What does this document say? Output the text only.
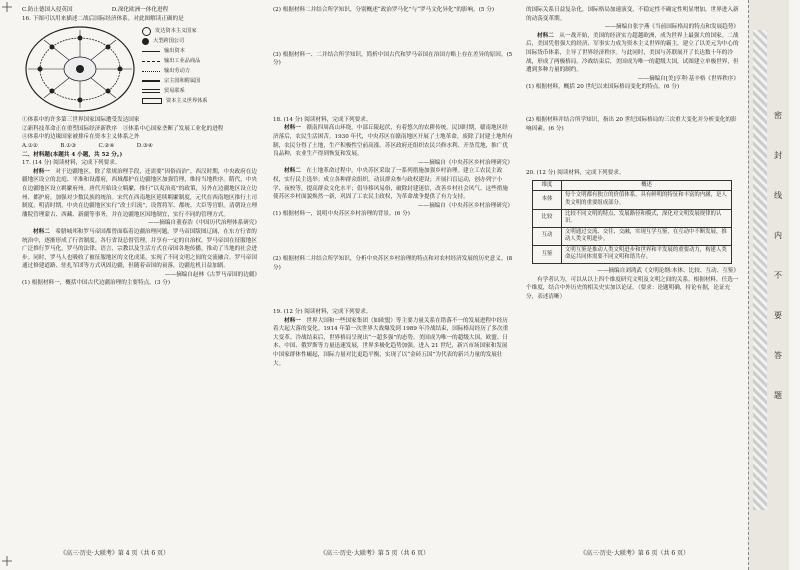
C.防止德国入侵英国　　　　　　　D.深化欧洲一体化进程

16. 下图可以用来描述二战后国际经济体系。对此图解读正确的是

发达资本主义国家
大型跨国公司
输出资本
输出工业品商品
输出劳动力
宗主国和附属国
贸易联系
资本主义世界体系

①体系中的许多第三世界国家国际遭受发达国家

②新科技革命正在重塑国际经济新秩序　③体系中心国家垄断了发展工业化的进程

④体系中的边缘国家被排斥在资本主义体系之外

A.①②　　　　B.①③　　　　C.②④　　　　D.③④

二、材料题(本题共 4 小题，共 52 分。)

17. (14 分) 阅读材料，完成下列要求。

材料一　 对于边疆地区，除了常规治理手段，还需要“因俗而治”。西汉时期，中央政府在边疆地区设立的北庭、平准和设郡府，西域都护在边疆地区加强管理，维持当地秩序。隋代，中央在边疆地区设立羁縻府州。唐代开始设立羁縻，推行“以夷治夷”的政策，另外在边疆地区设立边州、都护府，加强对少数民族的统治。宋代在西南地区延续羁縻制度，元代在西南地区推行土司制度。明清时期，中央在边疆地区实行“改土归流”，设置将军、都统、大臣等官职。清朝设立理藩院管理蒙古、西藏、新疆等事务，并在边疆地区因地制宜，实行不同的管理方式。

——摘编自董春浩《中国历代治理体系研究》

材料二　 希腊城邦和罗马帝国都曾面临着边疆治理问题。罗马帝国版图辽阔，在东方行省的统治中，逐渐形成了行省制度。各行省设总督管理，并享有一定的自治权。罗马帝国在征服地区广泛推行罗马化，罗马的法律、语言、宗教以及生活方式在帝国各地传播，推动了当地的社会进步。同时，罗马人也吸收了被征服地区的文化成果，实现了不同文明之间的交流融合。罗马帝国通过修建道路、驻扎军团等方式巩固边疆，但随着帝国的衰落，边疆危机日益加剧。

——摘编自赵林《古罗马帝国的边疆》

(1) 根据材料一，概括中国古代边疆治理的主要特点。(3 分)

(2) 根据材料二并结合所学知识，分别概述“政治罗马化”与“罗马文化异化”的影响。(5 分)

(3) 根据材料一、二并结合所学知识，简析中国古代和罗马帝国在治国方略上存在差异的原因。(5 分)

18. (14 分) 阅读材料，完成下列要求。

材料一　 赣南四周高山环绕，中部丘陵起伏，有着悠久的农耕传统。民国时期，赣南地区经济落后，农民生活困苦。1930 年代，中央苏区在赣南地区开展了土地革命，废除了封建土地所有制，农民分得了土地，生产积极性空前高涨。苏区政府还组织农民兴修水利、开垦荒地，推广优良品种，农业生产得到恢复和发展。

——摘编自《中央苏区乡村治理研究》

材料二　 在土地革命过程中，中央苏区采取了一系列措施加强乡村治理。建立工农民主政权，实行民主选举；成立各种群众组织，动员群众参与政权建设；开展扫盲运动，创办列宁小学、夜校等，提高群众文化水平；倡导移风易俗，破除封建迷信，改善乡村社会风气。这些措施使苏区乡村面貌焕然一新，巩固了工农民主政权，为革命战争提供了有力支持。

——摘编自《中央苏区乡村治理研究》

(1) 根据材料一，说明中央苏区乡村治理的背景。(6 分)

(2) 根据材料二并结合所学知识，分析中央苏区乡村治理的特点和对农村经济发展的历史意义。(8 分)

19. (12 分) 阅读材料，完成下列要求。

材料一　 世界大国和一些国家集团（如欧盟）等主要力量关系在错落不一的发展进程中经历着大起大落的变化。1914 年第一次世界大战爆发到 1989 年冷战结束，国际格局经历了多次重大变革。冷战结束后，世界格局呈现出“一超多强”的态势，美国成为唯一的超级大国，欧盟、日本、中国、俄罗斯等力量迅速发展，世界多极化趋势加强。进入 21 世纪，新兴市场国家和发展中国家群体性崛起，国际力量对比更趋平衡，实现了以“金砖五国”为代表的新兴力量的发展壮大。

的国际关系日益复杂化，国际格局加速演变，不稳定性不确定性明显增加，世界进入新的动荡变革期。

——摘编自张宇燕《当前国际格局的特点和发展趋势》

材料二　 从一战开始，美国的经济实力超越欧洲，成为世界上最强大的国家。二战后，美国凭借强大的经济、军事实力成为资本主义世界的霸主，建立了以美元为中心的国际货币体系，主导了世界经济秩序。与此同时，美国与苏联展开了长达数十年的冷战，形成了两极格局。冷战结束后，美国成为唯一的超级大国，试图建立单极世界，但遭到多种力量的制约。

——摘编自[美]亨利·基辛格《世界秩序》

(1) 根据材料，概括 20 世纪以来国际格局变化的特点。(6 分)

(2) 根据材料并结合所学知识，指出 20 世纪国际格局的三次重大变化并分析变化的影响因素。(6 分)

20. (12 分) 阅读材料，完成下列要求。

维度	概述
本体	每个文明都有独立的价值体系，具有鲜明的特征和丰富的内涵，是人类文明的重要组成部分。
比较	比较不同文明的特点、发展路径和模式，深化对文明发展规律的认识。
互动	文明通过交流、交往、交融，实现互学互鉴，在互动中不断发展，推动人类文明进步。
互鉴	文明互鉴是推动人类文明进步和世界和平发展的重要动力，构建人类命运共同体需要不同文明和谐共存。

——摘编自刘鸿武《文明论纲:本体、比较、互动、互鉴》

有学者认为，可以从以上四个维度研究文明及文明之间的关系。根据材料，任选一个维度，结合中外历史的相关史实加以论证。（要求：论题明确，持论有据，论证充分，表述清晰）

密
封
线
内
不
要
答
题
《高三·历史·大联考》第 4 页（共 6 页）	《高三·历史·大联考》第 5 页（共 6 页）	《高三·历史·大联考》第 6 页（共 6 页）
